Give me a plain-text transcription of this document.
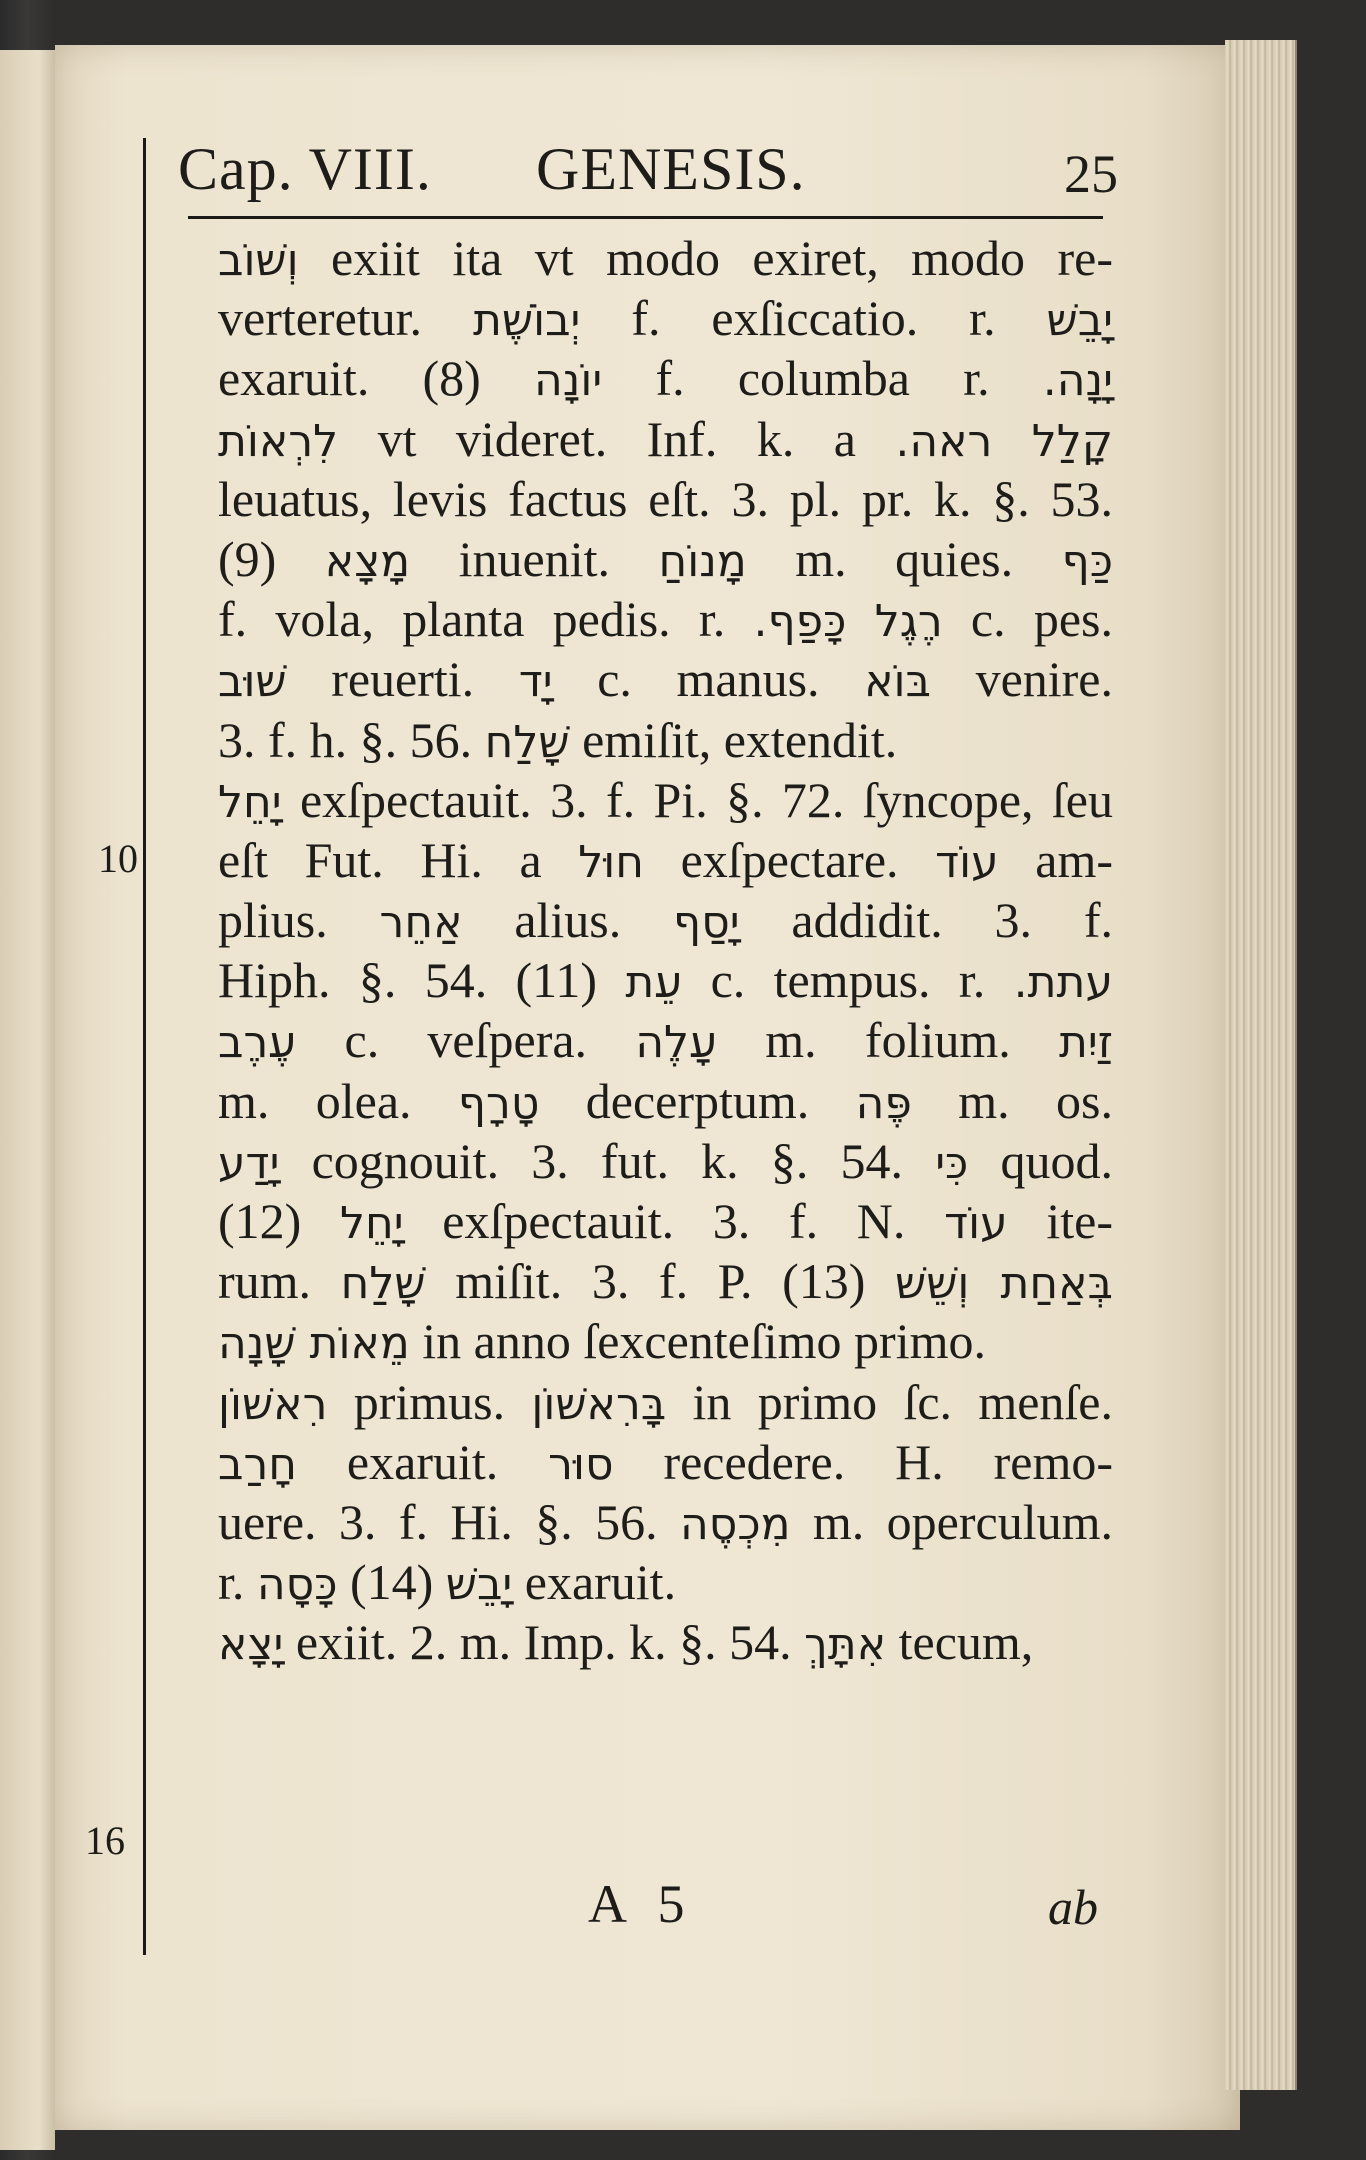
Cap. VIII. GENESIS.	25
10
16
וְשׁוֹב exiit ita vt modo exiret, modo re-
verteretur. יְבוֹשֶׁת f. exſiccatio. r. יָבֵשׁ
exaruit. (8) יוֹנָה f. columba r. יָנָה.
לִרְאוֹת vt videret. Inf. k. a ראה. קָלַל
leuatus, levis factus eſt. 3. pl. pr. k. §. 53.
(9) מָצָא inuenit. מָנוֹחַ m. quies. כַּף
f. vola, planta pedis. r. כָּפַף. רֶגֶל c. pes.
שׁוּב reuerti. יָד c. manus. בּוֹא venire.
3. f. h. §. 56. שָׁלַח emiſit, extendit.
יָחֵל exſpectauit. 3. f. Pi. §. 72. ſyncope, ſeu
eſt Fut. Hi. a חוּל exſpectare. עוֹד am-
plius. אַחֵר alius. יָסַף addidit. 3. f.
Hiph. §. 54. (11) עֵת c. tempus. r. עתת.
עֶרֶב c. veſpera. עָלֶה m. folium. זַיִת
m. olea. טָרָף decerptum. פֶּה m. os.
יָדַע cognouit. 3. fut. k. §. 54. כִּי quod.
(12) יָחֵל exſpectauit. 3. f. N. עוֹד ite-
rum. שָׁלַח miſit. 3. f. P. (13) בְּאַחַת וְשֵׁשׁ
מֵאוֹת שָׁנָה in anno ſexcenteſimo primo.
רִאשׁוֹן primus. בָּרִאשׁוֹן in primo ſc. menſe.
חָרַב exaruit. סוּר recedere. H. remo-
uere. 3. f. Hi. §. 56. מִכְסֶה m. operculum.
r. כָּסָה (14) יָבֵשׁ exaruit.
יָצָא exiit. 2. m. Imp. k. §. 54. אִתָּךְ tecum,
A 5	ab
